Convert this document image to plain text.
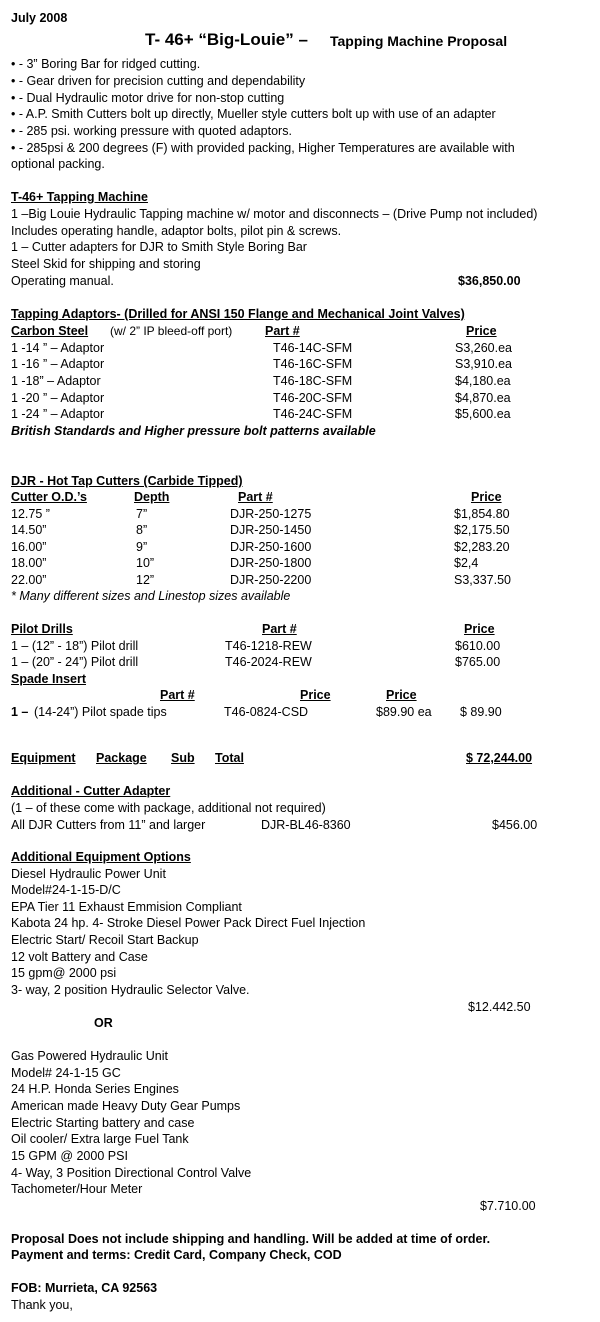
July 2008
T- 46+ “Big-Louie” – Tapping Machine Proposal
• - 3” Boring Bar for ridged cutting.
• - Gear driven for precision cutting and dependability
• - Dual Hydraulic motor drive for non-stop cutting
• - A.P. Smith Cutters bolt up directly, Mueller style cutters bolt up with use of an adapter
• - 285 psi. working pressure with quoted adaptors.
• - 285psi & 200 degrees (F) with provided packing, Higher Temperatures are available with
optional packing.
T-46+ Tapping Machine
1 –Big Louie Hydraulic Tapping machine w/ motor and disconnects – (Drive Pump not included)
Includes operating handle, adaptor bolts, pilot pin & screws.
1 – Cutter adapters for DJR to Smith Style Boring Bar
Steel Skid for shipping and storing
Operating manual.	$36,850.00
Tapping Adaptors- (Drilled for ANSI 150 Flange and Mechanical Joint Valves)
Carbon Steel (w/ 2” IP bleed-off port)	Part #	Price
1 -14 ” – Adaptor	T46-14C-SFM	S3,260.ea
1 -16 ” – Adaptor	T46-16C-SFM	S3,910.ea
1 -18” – Adaptor	T46-18C-SFM	$4,180.ea
1 -20 ” – Adaptor	T46-20C-SFM	$4,870.ea
1 -24 ” – Adaptor	T46-24C-SFM	$5,600.ea
British Standards and Higher pressure bolt patterns available
DJR - Hot Tap Cutters (Carbide Tipped)
Cutter O.D.’s	Depth	Part #	Price
12.75 ”	7”	DJR-250-1275	$1,854.80
14.50”	8”	DJR-250-1450	$2,175.50
16.00”	9”	DJR-250-1600	$2,283.20
18.00”	10”	DJR-250-1800	$2,4
22.00”	12”	DJR-250-2200	S3,337.50
* Many different sizes and Linestop sizes available
Pilot Drills	Part #	Price
1 – (12” - 18”) Pilot drill	T46-1218-REW	$610.00
1 – (20” - 24”) Pilot drill	T46-2024-REW	$765.00
Spade Insert
Part #	Price	Price
1 – (14-24”) Pilot spade tips	T46-0824-CSD	$89.90 ea $ 89.90
Equipment Package Sub Total	$ 72,244.00
Additional - Cutter Adapter
(1 – of these come with package, additional not required)
All DJR Cutters from 11” and larger	DJR-BL46-8360	$456.00
Additional Equipment Options
Diesel Hydraulic Power Unit
Model#24-1-15-D/C
EPA Tier 11 Exhaust Emmision Compliant
Kabota 24 hp. 4- Stroke Diesel Power Pack Direct Fuel Injection
Electric Start/ Recoil Start Backup
12 volt Battery and Case
15 gpm@ 2000 psi
3- way, 2 position Hydraulic Selector Valve.
$12.442.50
OR
Gas Powered Hydraulic Unit
Model# 24-1-15 GC
24 H.P. Honda Series Engines
American made Heavy Duty Gear Pumps
Electric Starting battery and case
Oil cooler/ Extra large Fuel Tank
15 GPM @ 2000 PSI
4- Way, 3 Position Directional Control Valve
Tachometer/Hour Meter
$7.710.00
Proposal Does not include shipping and handling. Will be added at time of order.
Payment and terms: Credit Card, Company Check, COD
FOB: Murrieta, CA 92563
Thank you,
